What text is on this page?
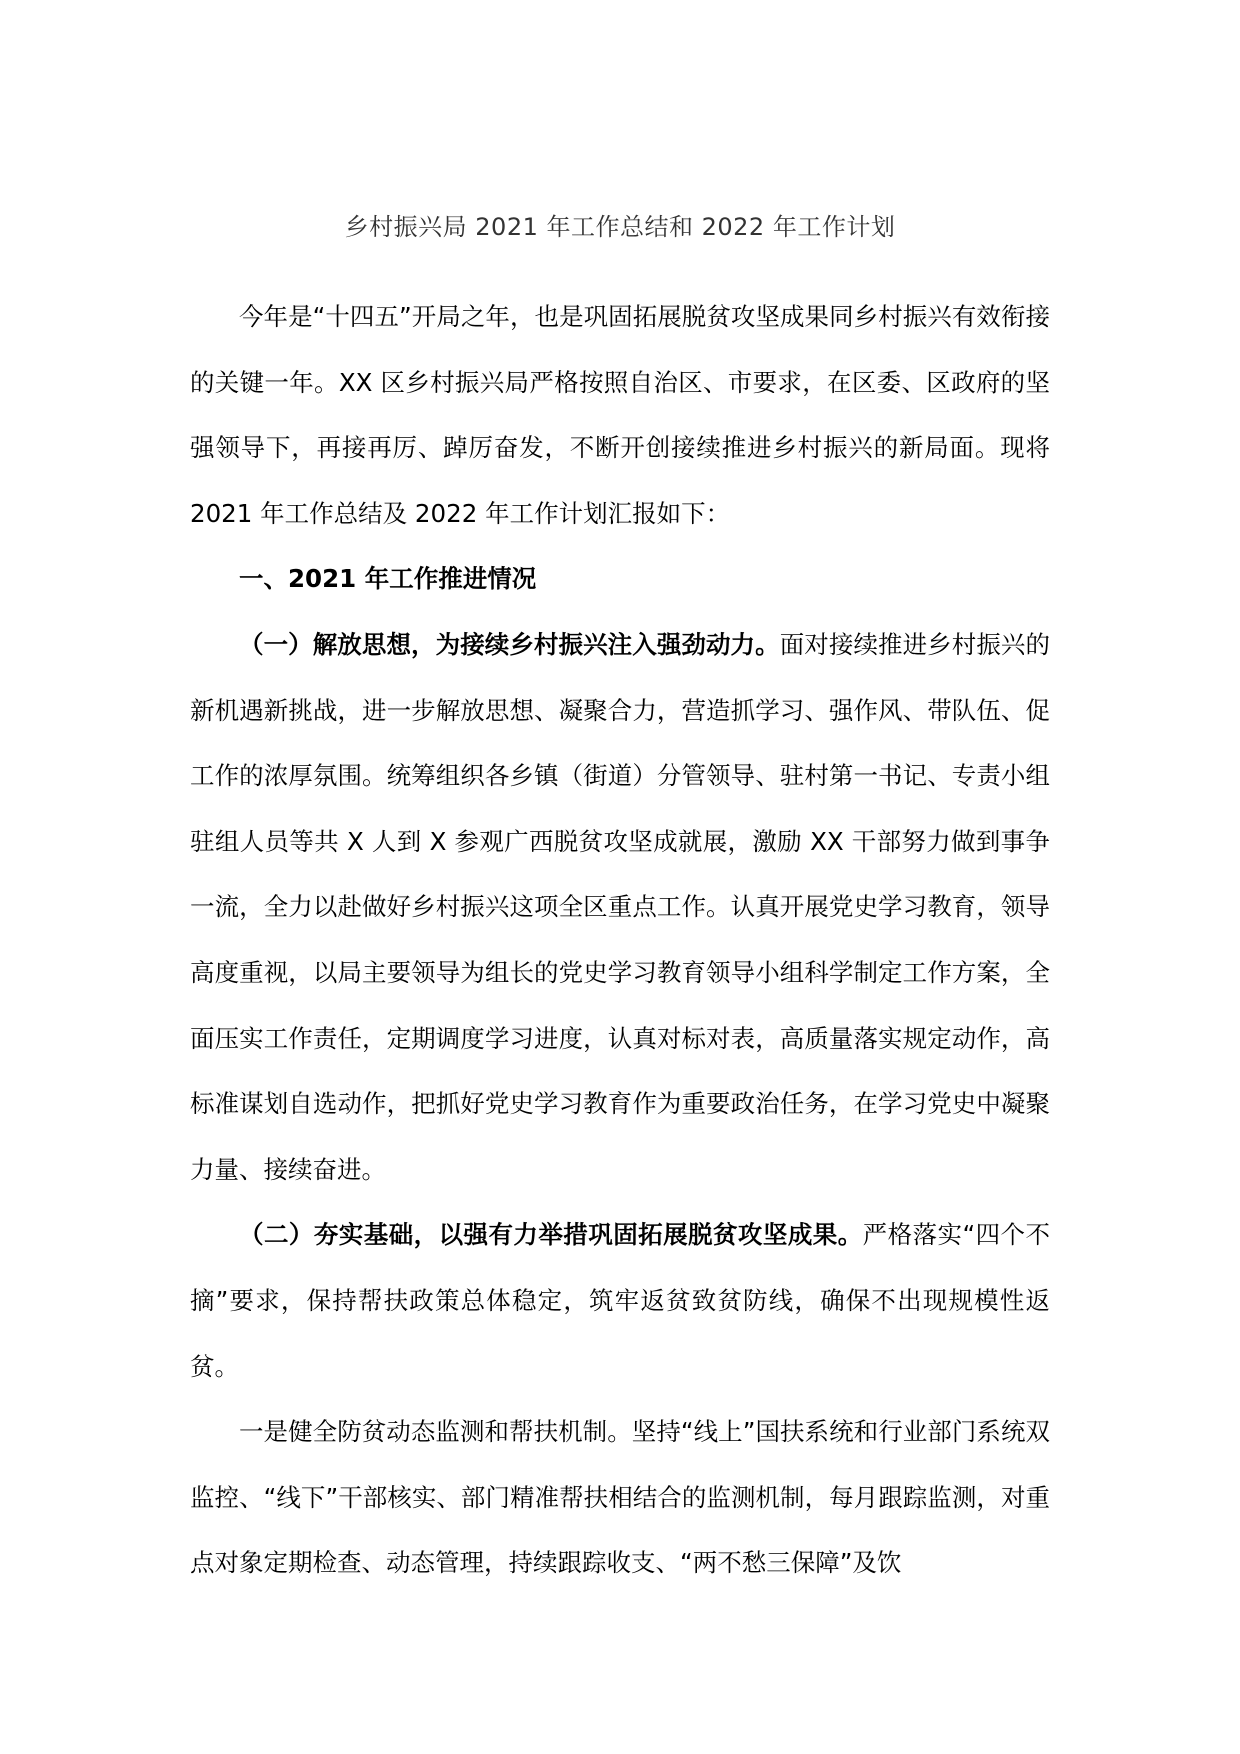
乡村振兴局 2021 年工作总结和 2022 年工作计划

今年是“十四五”开局之年，也是巩固拓展脱贫攻坚成果同乡村振兴有效衔接的关键一年。XX 区乡村振兴局严格按照自治区、市要求，在区委、区政府的坚强领导下，再接再厉、踔厉奋发，不断开创接续推进乡村振兴的新局面。现将 2021 年工作总结及 2022 年工作计划汇报如下：

一、2021 年工作推进情况

（一）解放思想，为接续乡村振兴注入强劲动力。面对接续推进乡村振兴的新机遇新挑战，进一步解放思想、凝聚合力，营造抓学习、强作风、带队伍、促工作的浓厚氛围。统筹组织各乡镇（街道）分管领导、驻村第一书记、专责小组驻组人员等共 X 人到 X 参观广西脱贫攻坚成就展，激励 XX 干部努力做到事争一流，全力以赴做好乡村振兴这项全区重点工作。认真开展党史学习教育，领导高度重视，以局主要领导为组长的党史学习教育领导小组科学制定工作方案，全面压实工作责任，定期调度学习进度，认真对标对表，高质量落实规定动作，高标准谋划自选动作，把抓好党史学习教育作为重要政治任务，在学习党史中凝聚力量、接续奋进。

（二）夯实基础，以强有力举措巩固拓展脱贫攻坚成果。严格落实“四个不摘”要求，保持帮扶政策总体稳定，筑牢返贫致贫防线，确保不出现规模性返贫。

一是健全防贫动态监测和帮扶机制。坚持“线上”国扶系统和行业部门系统双监控、“线下”干部核实、部门精准帮扶相结合的监测机制，每月跟踪监测，对重点对象定期检查、动态管理，持续跟踪收支、“两不愁三保障”及饮
